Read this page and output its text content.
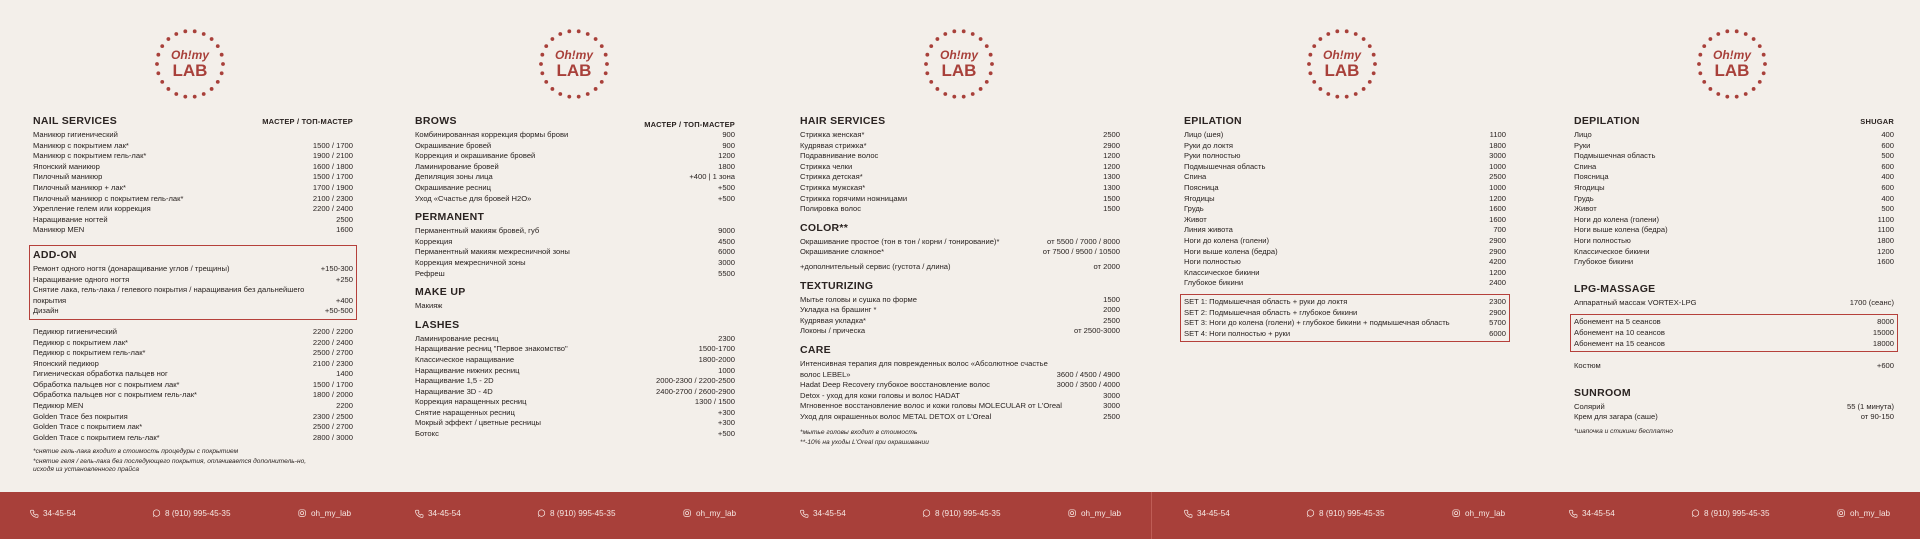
Oh!my
LAB
Oh!my
LAB
Oh!my
LAB
Oh!my
LAB
Oh!my
LAB
NAIL SERVICES	МАСТЕР / ТОП-МАСТЕР
Маникюр гигиенический
Маникюр с покрытием лак*	1500 / 1700
Маникюр с покрытием гель-лак*	1900 / 2100
Японский маникюр	1600 / 1800
Пилочный маникюр	1500 / 1700
Пилочный маникюр + лак*	1700 / 1900
Пилочный маникюр с покрытием гель-лак*	2100 / 2300
Укрепление гелем или коррекция	2200 / 2400
Наращивание ногтей	2500
Маникюр MEN	1600
ADD-ON
Ремонт одного ногтя (донаращивание углов / трещины)	+150-300
Наращивание одного ногтя	+250
Снятие лака, гель-лака / гелевого покрытия / наращивания без дальнейшего покрытия	+400
Дизайн	+50-500
Педикюр гигиенический	2200 / 2200
Педикюр с покрытием лак*	2200 / 2400
Педикюр с покрытием гель-лак*	2500 / 2700
Японский педикюр	2100 / 2300
Гигиеническая обработка пальцев ног	1400
Обработка пальцев ног с покрытием лак*	1500 / 1700
Обработка пальцев ног с покрытием гель-лак*	1800 / 2000
Педикюр MEN	2200
Golden Trace без покрытия	2300 / 2500
Golden Trace с покрытием лак*	2500 / 2700
Golden Trace с покрытием гель-лак*	2800 / 3000
*снятие гель-лака входит в стоимость процедуры с покрытием
*снятие геля / гель-лака без последующего покрытия, оплачивается дополнитель-но, исходя из установленного прайса
BROWS	МАСТЕР / ТОП-МАСТЕР
Комбинированная коррекция формы брови	900
Окрашивание бровей	900
Коррекция и окрашивание бровей	1200
Ламинирование бровей	1800
Депиляция зоны лица	+400 | 1 зона
Окрашивание ресниц	+500
Уход «Счастье для бровей H2O»	+500
PERMANENT
Перманентный макияж бровей, губ	9000
Коррекция	4500
Перманентный макияж межресничной зоны	6000
Коррекция межресничной зоны	3000
Рефреш	5500
MAKE UP
Макияж
LASHES
Ламинирование ресниц	2300
Наращивание ресниц "Первое знакомство"	1500-1700
Классическое наращивание	1800-2000
Наращивание нижних ресниц	1000
Наращивание 1,5 - 2D	2000-2300 / 2200-2500
Наращивание 3D - 4D	2400-2700 / 2600-2900
Коррекция наращенных ресниц	1300 / 1500
Снятие наращенных ресниц	+300
Мокрый эффект / цветные ресницы	+300
Ботокс	+500
HAIR SERVICES
Стрижка женская*	2500
Кудрявая стрижка*	2900
Подравнивание волос	1200
Стрижка челки	1200
Стрижка детская*	1300
Стрижка мужская*	1300
Стрижка горячими ножницами	1500
Полировка волос	1500
COLOR**
Окрашивание простое (тон в тон / корни / тонирование)*	от 5500 / 7000 / 8000
Окрашивание сложное*	от 7500 / 9500 / 10500
+дополнительный сервис (густота / длина)	от 2000
TEXTURIZING
Мытье головы и сушка по форме	1500
Укладка на брашинг *	2000
Кудрявая укладка*	2500
Локоны / прическа	от 2500-3000
CARE
Интенсивная терапия для поврежденных волос «Абсолютное счастье волос LEBEL»	3600 / 4500 / 4900
Hadat Deep Recovery глубокое восстановление волос	3000 / 3500 / 4000
Detox - уход для кожи головы и волос HADAT	3000
Мгновенное восстановление волос и кожи головы MOLECULAR от L'Oreal	3000
Уход для окрашенных волос METAL DETOX от L'Oreal	2500
*мытье головы входит в стоимость
**-10% на уходы L'Oreal при окрашивании
EPILATION
Лицо (шея)	1100
Руки до локтя	1800
Руки полностью	3000
Подмышечная область	1000
Спина	2500
Поясница	1000
Ягодицы	1200
Грудь	1600
Живот	1600
Линия живота	700
Ноги до колена (голени)	2900
Ноги выше колена (бедра)	2900
Ноги полностью	4200
Классическое бикини	1200
Глубокое бикини	2400
SET 1: Подмышечная область + руки до локтя	2300
SET 2: Подмышечная область + глубокое бикини	2900
SET 3: Ноги до колена (голени) + глубокое бикини + подмышечная область	5700
SET 4: Ноги полностью + руки	6000
DEPILATION	SHUGAR
Лицо	400
Руки	600
Подмышечная область	500
Спина	600
Поясница	400
Ягодицы	600
Грудь	400
Живот	500
Ноги до колена (голени)	1100
Ноги выше колена (бедра)	1100
Ноги полностью	1800
Классическое бикини	1200
Глубокое бикини	1600
LPG-MASSAGE
Аппаратный массаж VORTEX-LPG	1700 (сеанс)
Абонемент на 5 сеансов	8000
Абонемент на 10 сеансов	15000
Абонемент на 15 сеансов	18000
Костюм	+600
SUNROOM
Солярий	55 (1 минута)
Крем для загара (саше)	от 90-150
*шапочка и стикини бесплатно
34-45-54	8 (910) 995-45-35	oh_my_lab	34-45-54	8 (910) 995-45-35	oh_my_lab	34-45-54	8 (910) 995-45-35	oh_my_lab	34-45-54	8 (910) 995-45-35	oh_my_lab	34-45-54	8 (910) 995-45-35	oh_my_lab
